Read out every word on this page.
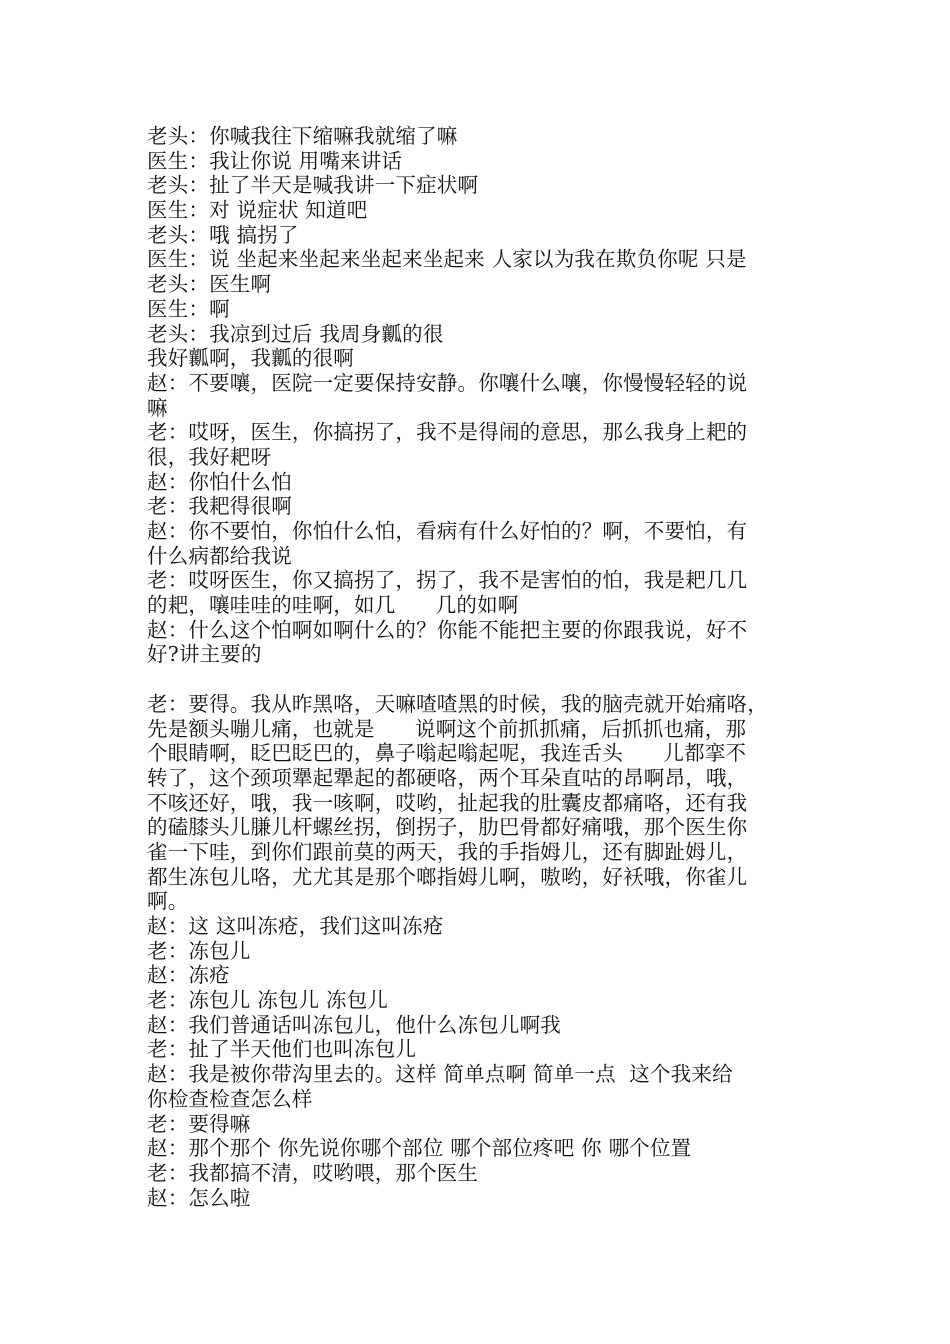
老头：你喊我往下缩嘛我就缩了嘛
医生：我让你说 用嘴来讲话
老头：扯了半天是喊我讲一下症状啊
医生：对 说症状 知道吧
老头：哦 搞拐了
医生：说 坐起来坐起来坐起来坐起来 人家以为我在欺负你呢 只是
老头：医生啊
医生：啊
老头：我凉到过后 我周身瓤的很
我好瓤啊，我瓤的很啊
赵：不要嚷，医院一定要保持安静。你嚷什么嚷，你慢慢轻轻的说
嘛
老：哎呀，医生，你搞拐了，我不是得闹的意思，那么我身上耙的
很，我好耙呀
赵：你怕什么怕
老：我耙得很啊
赵：你不要怕，你怕什么怕，看病有什么好怕的？啊，不要怕，有
什么病都给我说
老：哎呀医生，你又搞拐了，拐了，我不是害怕的怕，我是耙几几
的耙，嚷哇哇的哇啊，如几      几的如啊
赵：什么这个怕啊如啊什么的？你能不能把主要的你跟我说，好不
好?讲主要的
老：要得。我从昨黑咯，天嘛喳喳黑的时候，我的脑壳就开始痛咯，
先是额头嘣儿痛，也就是      说啊这个前抓抓痛，后抓抓也痛，那
个眼睛啊，眨巴眨巴的，鼻子嗡起嗡起呢，我连舌头      儿都挛不
转了，这个颈项犟起犟起的都硬咯，两个耳朵直咕的昂啊昂，哦，
不咳还好，哦，我一咳啊，哎哟，扯起我的肚囊皮都痛咯，还有我
的磕膝头儿膁儿杆螺丝拐，倒拐子，肋巴骨都好痛哦，那个医生你
雀一下哇，到你们跟前莫的两天，我的手指姆儿，还有脚趾姆儿，
都生冻包儿咯，尤尤其是那个啷指姆儿啊，嗷哟，好袄哦，你雀儿
啊。
赵：这 这叫冻疮，我们这叫冻疮
老：冻包儿
赵：冻疮
老：冻包儿 冻包儿 冻包儿
赵：我们普通话叫冻包儿，他什么冻包儿啊我
老：扯了半天他们也叫冻包儿
赵：我是被你带沟里去的。这样 简单点啊 简单一点  这个我来给
你检查检查怎么样
老：要得嘛
赵：那个那个 你先说你哪个部位 哪个部位疼吧 你 哪个位置
老：我都搞不清，哎哟喂，那个医生
赵：怎么啦
